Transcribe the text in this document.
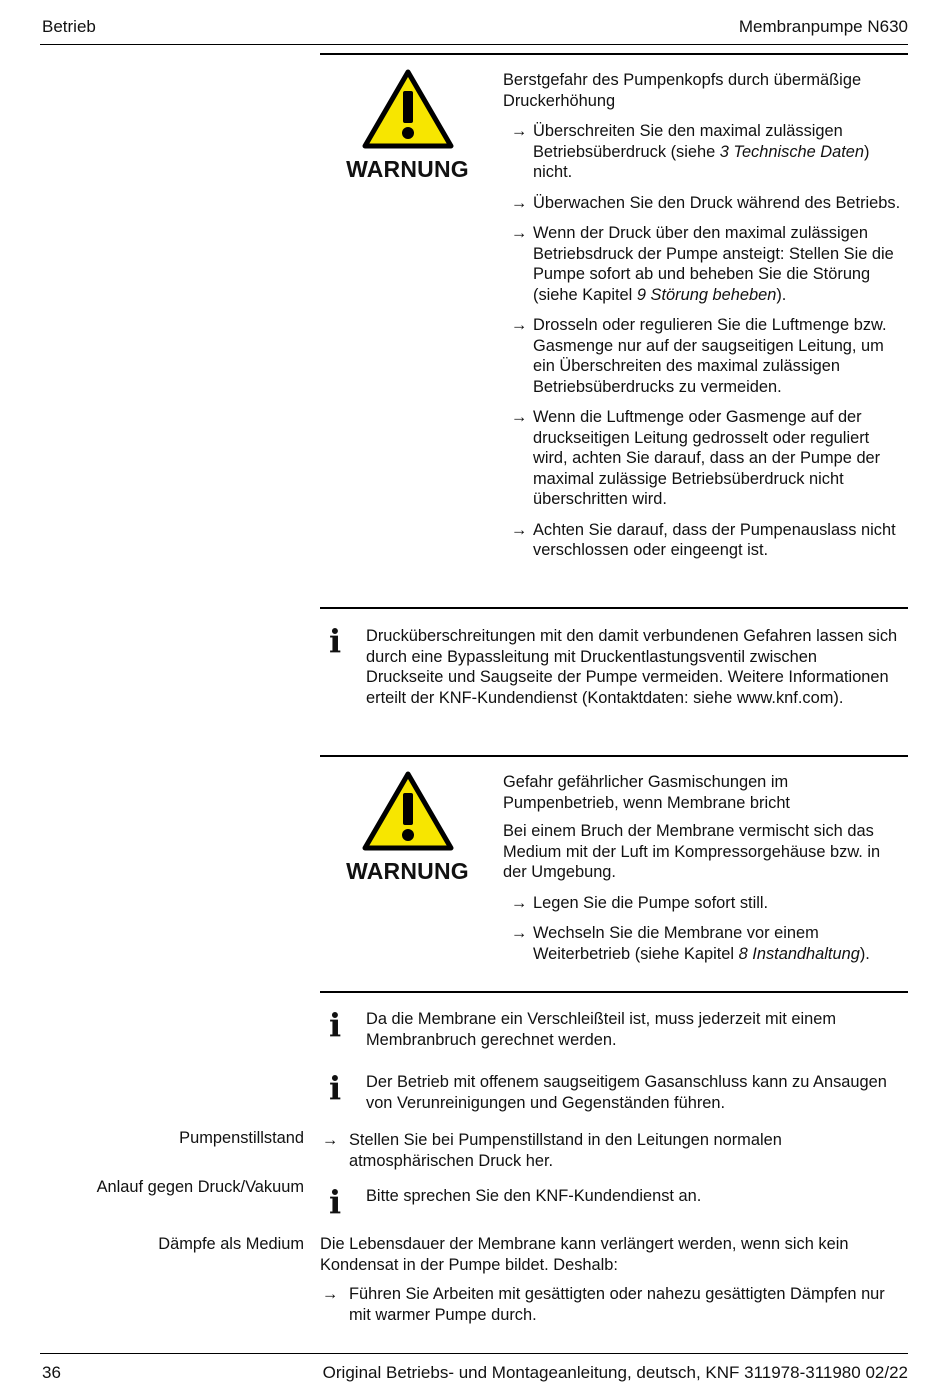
Betrieb	Membranpumpe N630
WARNUNG

Berstgefahr des Pumpenkopfs durch übermäßige Druckerhöhung

→ Überschreiten Sie den maximal zulässigen Betriebsüberdruck (siehe 3 Technische Daten) nicht.
→ Überwachen Sie den Druck während des Betriebs.
→ Wenn der Druck über den maximal zulässigen Betriebsdruck der Pumpe ansteigt: Stellen Sie die Pumpe sofort ab und beheben Sie die Störung (siehe Kapitel 9 Störung beheben).
→ Drosseln oder regulieren Sie die Luftmenge bzw. Gasmenge nur auf der saugseitigen Leitung, um ein Überschreiten des maximal zulässigen Betriebsüberdrucks zu vermeiden.
→ Wenn die Luftmenge oder Gasmenge auf der druckseitigen Leitung gedrosselt oder reguliert wird, achten Sie darauf, dass an der Pumpe der maximal zulässige Betriebsüberdruck nicht überschritten wird.
→ Achten Sie darauf, dass der Pumpenauslass nicht verschlossen oder eingeengt ist.
i Drucküberschreitungen mit den damit verbundenen Gefahren lassen sich durch eine Bypassleitung mit Druckentlastungsventil zwischen Druckseite und Saugseite der Pumpe vermeiden. Weitere Informationen erteilt der KNF-Kundendienst (Kontaktdaten: siehe www.knf.com).
WARNUNG

Gefahr gefährlicher Gasmischungen im Pumpenbetrieb, wenn Membrane bricht

Bei einem Bruch der Membrane vermischt sich das Medium mit der Luft im Kompressorgehäuse bzw. in der Umgebung.

→ Legen Sie die Pumpe sofort still.
→ Wechseln Sie die Membrane vor einem Weiterbetrieb (siehe Kapitel 8 Instandhaltung).
i Da die Membrane ein Verschleißteil ist, muss jederzeit mit einem Membranbruch gerechnet werden.
i Der Betrieb mit offenem saugseitigem Gasanschluss kann zu Ansaugen von Verunreinigungen und Gegenständen führen.
Pumpenstillstand → Stellen Sie bei Pumpenstillstand in den Leitungen normalen atmosphärischen Druck her.
Anlauf gegen Druck/Vakuum i Bitte sprechen Sie den KNF-Kundendienst an.
Dämpfe als Medium Die Lebensdauer der Membrane kann verlängert werden, wenn sich kein Kondensat in der Pumpe bildet. Deshalb:
→ Führen Sie Arbeiten mit gesättigten oder nahezu gesättigten Dämpfen nur mit warmer Pumpe durch.
36	Original Betriebs- und Montageanleitung, deutsch, KNF 311978-311980 02/22
